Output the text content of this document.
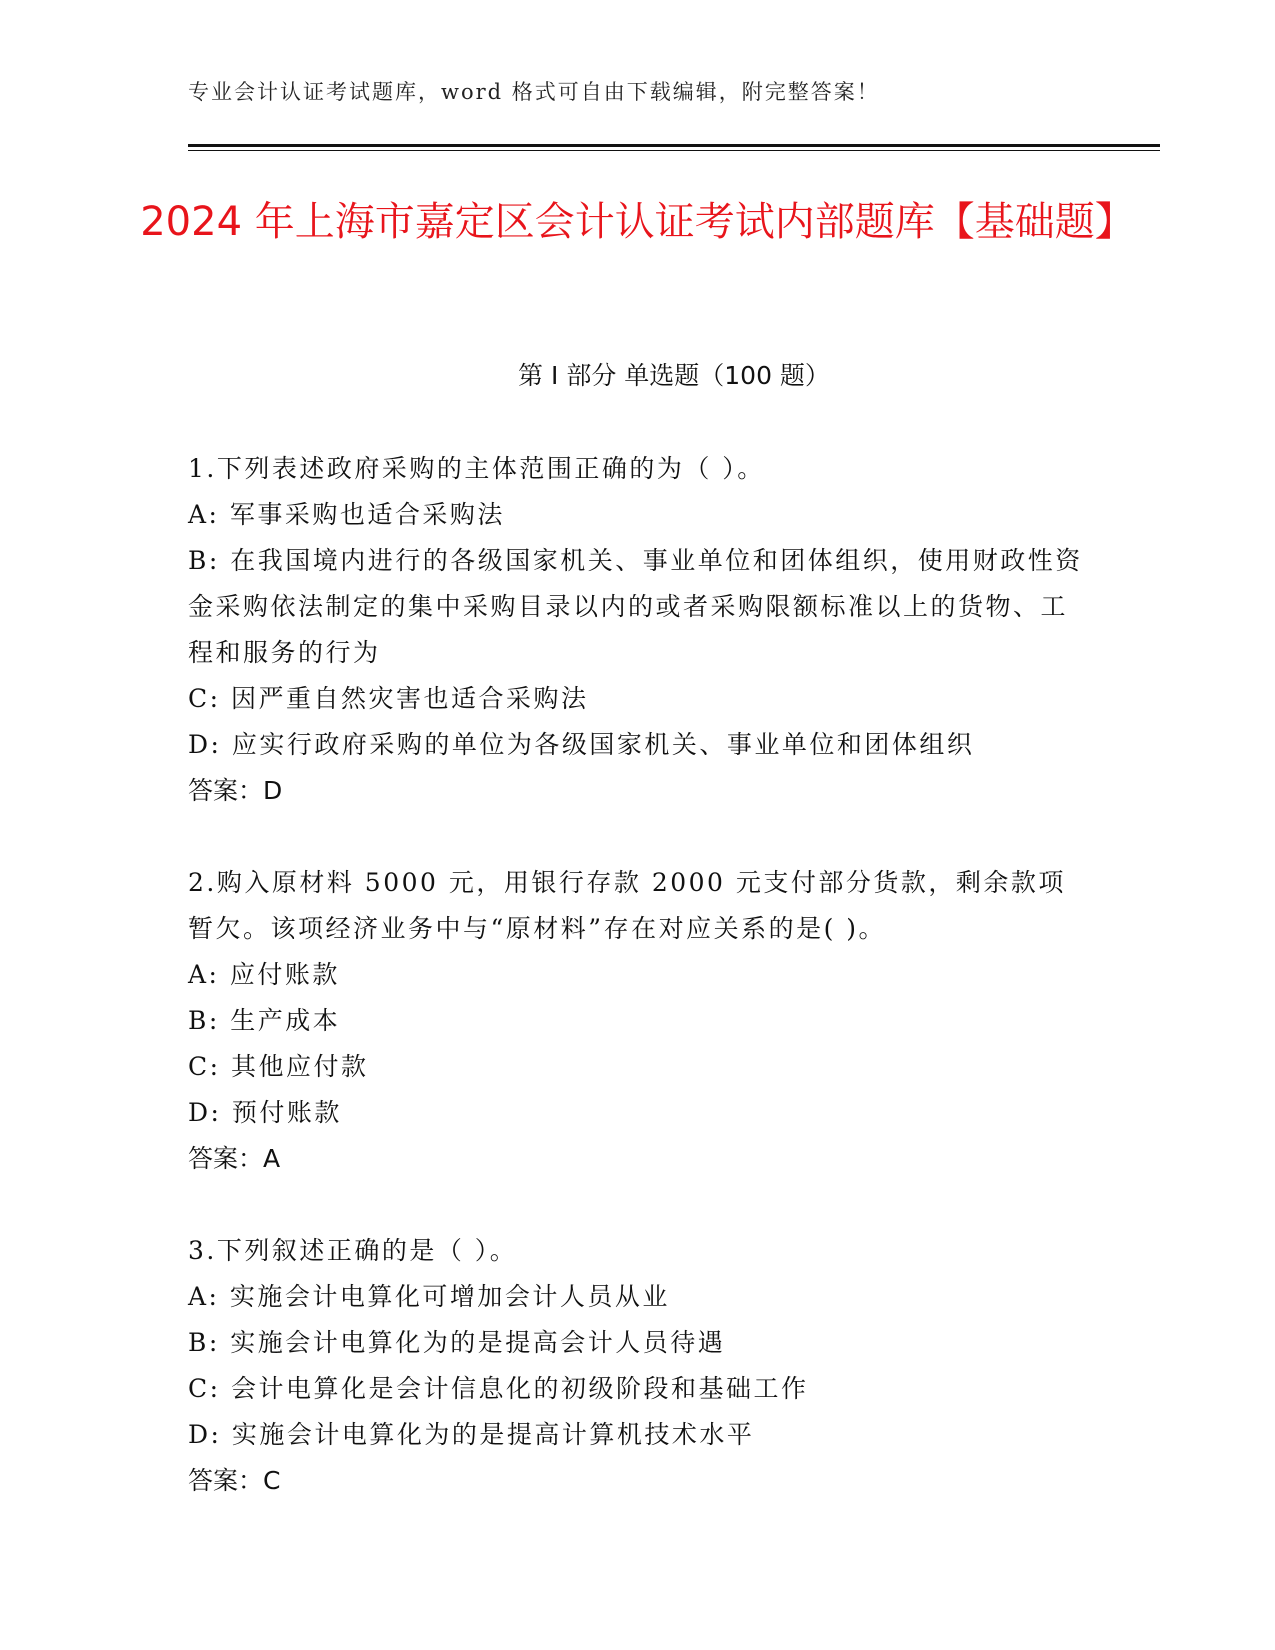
专业会计认证考试题库，word 格式可自由下载编辑，附完整答案！
2024 年上海市嘉定区会计认证考试内部题库【基础题】
第 I 部分 单选题（100 题）
1.下列表述政府采购的主体范围正确的为（ ）。
A: 军事采购也适合采购法
B: 在我国境内进行的各级国家机关、事业单位和团体组织，使用财政性资金采购依法制定的集中采购目录以内的或者采购限额标准以上的货物、工程和服务的行为
C: 因严重自然灾害也适合采购法
D: 应实行政府采购的单位为各级国家机关、事业单位和团体组织
答案：D
2.购入原材料 5000 元，用银行存款 2000 元支付部分货款，剩余款项暂欠。该项经济业务中与“原材料”存在对应关系的是( )。
A: 应付账款
B: 生产成本
C: 其他应付款
D: 预付账款
答案：A
3.下列叙述正确的是（ ）。
A: 实施会计电算化可增加会计人员从业
B: 实施会计电算化为的是提高会计人员待遇
C: 会计电算化是会计信息化的初级阶段和基础工作
D: 实施会计电算化为的是提高计算机技术水平
答案：C
